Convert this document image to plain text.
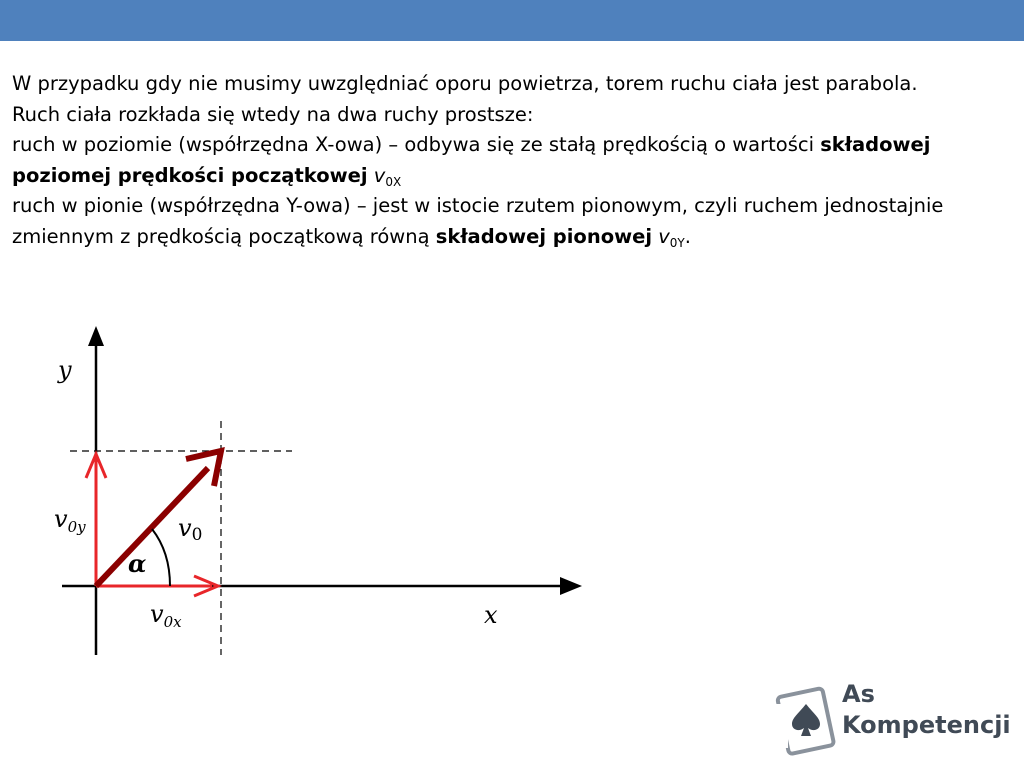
W przypadku gdy nie musimy uwzględniać oporu powietrza, torem ruchu ciała jest parabola.

Ruch ciała rozkłada się wtedy na dwa ruchy prostsze:

ruch w poziomie (współrzędna X-owa) – odbywa się ze stałą prędkością o wartości składowej poziomej prędkości początkowej $v_{0X}$

ruch w pionie (współrzędna Y-owa) – jest w istocie rzutem pionowym, czyli ruchem jednostajnie zmiennym z prędkością początkową równą składowej pionowej $v_{0Y}$.

y
x
$v_{0y}$
$v_{0x}$
v0
α
As
Kompetencji
